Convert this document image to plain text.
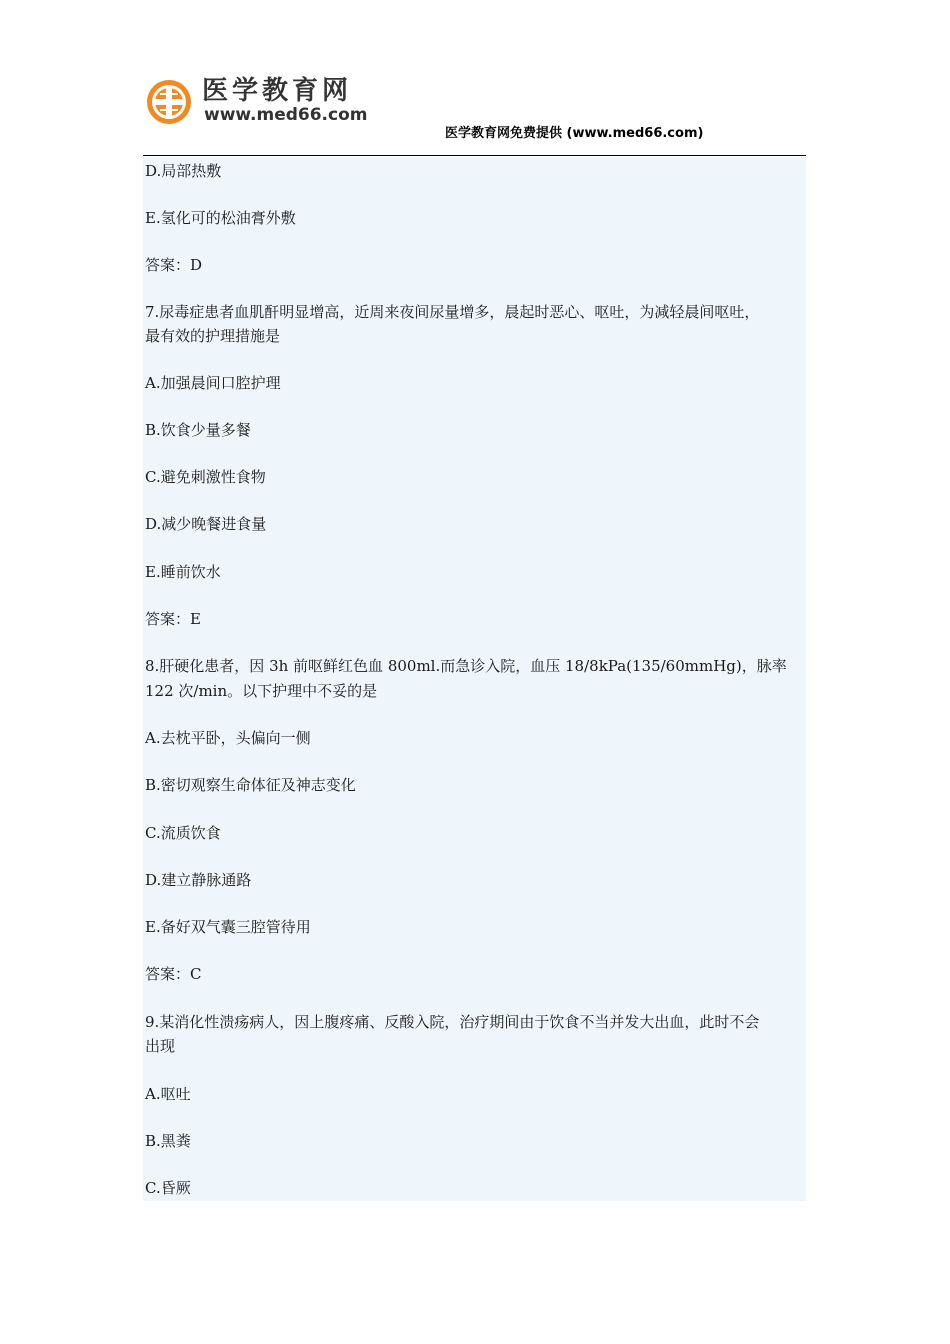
医学教育网
www.med66.com
医学教育网免费提供 (www.med66.com)
D.局部热敷
E.氢化可的松油膏外敷
答案：D
7.尿毒症患者血肌酐明显增高，近周来夜间尿量增多，晨起时恶心、呕吐，为减轻晨间呕吐，
最有效的护理措施是
A.加强晨间口腔护理
B.饮食少量多餐
C.避免刺激性食物
D.减少晚餐进食量
E.睡前饮水
答案：E
8.肝硬化患者，因 3h 前呕鲜红色血 800ml.而急诊入院，血压 18/8kPa(135/60mmHg)，脉率
122 次/min。以下护理中不妥的是
A.去枕平卧，头偏向一侧
B.密切观察生命体征及神志变化
C.流质饮食
D.建立静脉通路
E.备好双气囊三腔管待用
答案：C
9.某消化性溃疡病人，因上腹疼痛、反酸入院，治疗期间由于饮食不当并发大出血，此时不会
出现
A.呕吐
B.黑粪
C.昏厥
